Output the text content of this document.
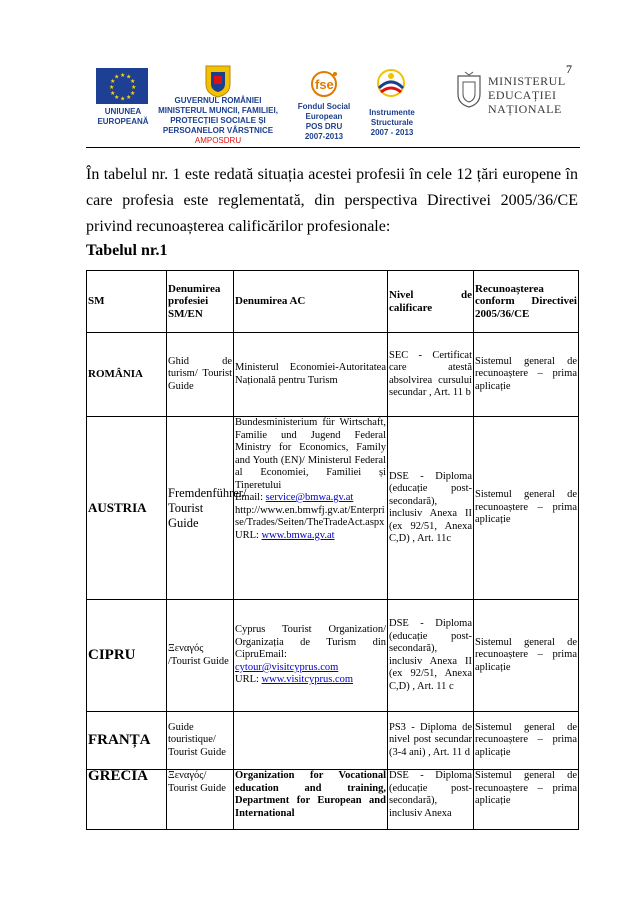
7
★ ★
★
★
★
★
★
★
★
★
★
★
UNIUNEA
EUROPEANĂ
GUVERNUL ROMÂNIEI
MINISTERUL MUNCII, FAMILIEI,
PROTECȚIEI SOCIALE ȘI
PERSOANELOR VÂRSTNICE
AMPOSDRU
fse
Fondul Social
European
POS DRU
2007-2013
Instrumente
Structurale
2007 - 2013
MINISTERUL
EDUCAȚIEI
NAȚIONALE
În tabelul nr. 1 este redată situația acestei profesii în cele 12 țări europene în care profesia este reglementată, din perspectiva Directivei 2005/36/CE privind recunoașterea calificărilor profesionale:
Tabelul nr.1
SM	Denumirea profesiei SM/EN	Denumirea AC	Nivel de calificare	Recunoașterea conform Directivei 2005/36/CE
ROMÂNIA	Ghid de turism/ Tourist Guide	Ministerul Economiei-Autoritatea Națională pentru Turism	SEC - Certificat care atestă absolvirea cursului secundar , Art. 11 b	Sistemul general de recunoaștere – prima aplicație
AUSTRIA	Fremdenführer/ Tourist Guide	Bundesministerium für Wirtschaft, Familie und Jugend Federal Ministry for Economics, Family and Youth (EN)/ Ministerul Federal al Economiei, Familiei și Tineretului
Email: service@bmwa.gv.at
http://www.en.bmwfj.gv.at/Enterprise/Trades/Seiten/TheTradeAct.aspx
URL: www.bmwa.gv.at	DSE - Diploma (educație post-secondară), inclusiv Anexa II (ex 92/51, Anexa C,D) , Art. 11c	Sistemul general de recunoaștere – prima aplicație
CIPRU	Ξεναγός /Tourist Guide	Cyprus Tourist Organization/ Organizația de Turism din CipruEmail: cytour@visitcyprus.com
URL: www.visitcyprus.com	DSE - Diploma (educație post-secondară), inclusiv Anexa II (ex 92/51, Anexa C,D) , Art. 11 c	Sistemul general de recunoaștere – prima aplicație
FRANȚA	Guide touristique/ Tourist Guide		PS3 - Diploma de nivel post secundar (3-4 ani) , Art. 11 d	Sistemul general de recunoaștere – prima aplicație
GRECIA	Ξεναγός/ Tourist Guide	Organization for Vocational education and training, Department for European and International	DSE - Diploma (educație post-secondară), inclusiv Anexa	Sistemul general de recunoaștere – prima aplicație
